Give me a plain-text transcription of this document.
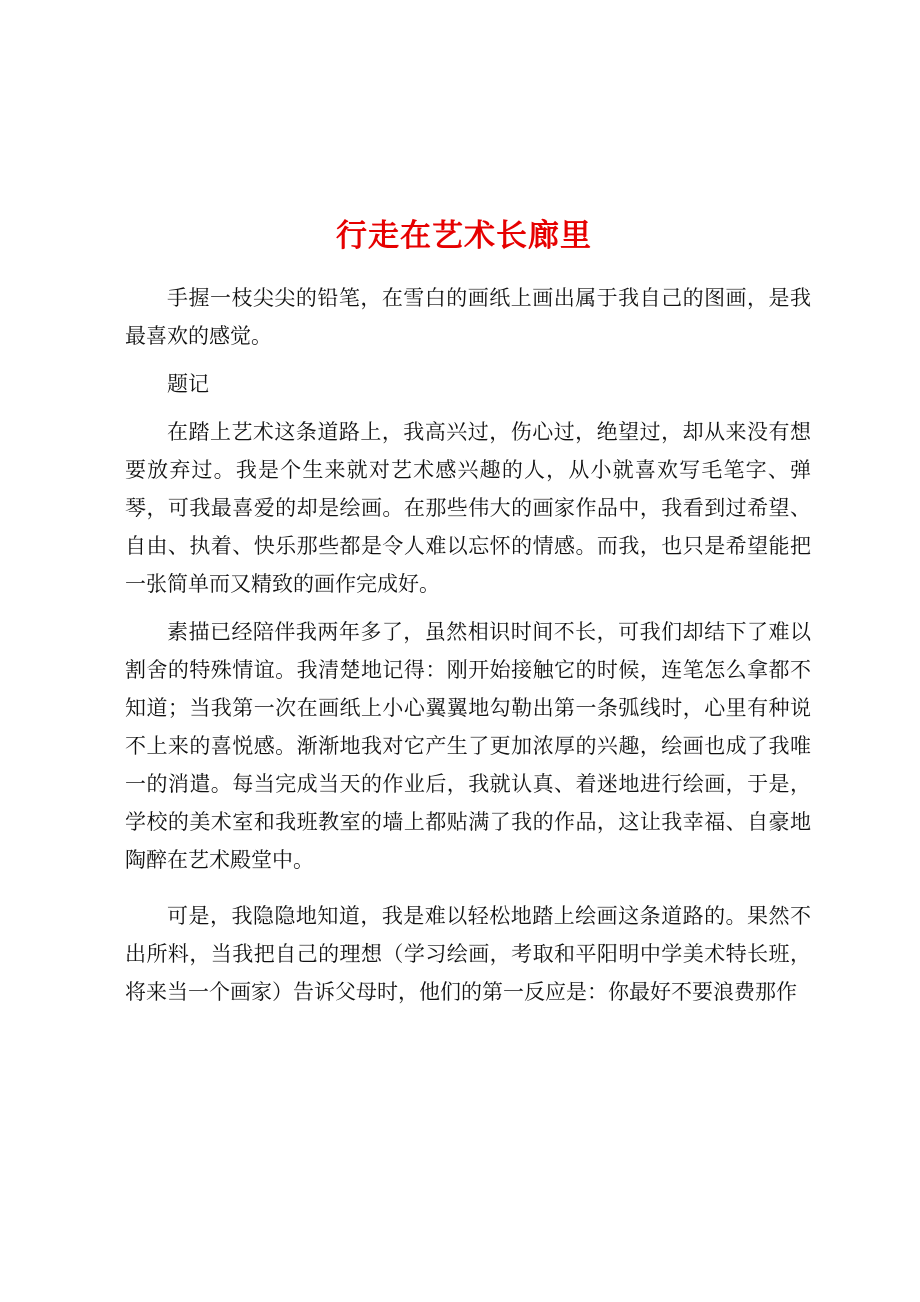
行走在艺术长廊里

手握一枝尖尖的铅笔，在雪白的画纸上画出属于我自己的图画，是我最喜欢的感觉。

题记

在踏上艺术这条道路上，我高兴过，伤心过，绝望过，却从来没有想要放弃过。我是个生来就对艺术感兴趣的人，从小就喜欢写毛笔字、弹琴，可我最喜爱的却是绘画。在那些伟大的画家作品中，我看到过希望、自由、执着、快乐那些都是令人难以忘怀的情感。而我，也只是希望能把一张简单而又精致的画作完成好。

素描已经陪伴我两年多了，虽然相识时间不长，可我们却结下了难以割舍的特殊情谊。我清楚地记得：刚开始接触它的时候，连笔怎么拿都不知道；当我第一次在画纸上小心翼翼地勾勒出第一条弧线时，心里有种说不上来的喜悦感。渐渐地我对它产生了更加浓厚的兴趣，绘画也成了我唯一的消遣。每当完成当天的作业后，我就认真、着迷地进行绘画，于是，学校的美术室和我班教室的墙上都贴满了我的作品，这让我幸福、自豪地陶醉在艺术殿堂中。

可是，我隐隐地知道，我是难以轻松地踏上绘画这条道路的。果然不出所料，当我把自己的理想（学习绘画，考取和平阳明中学美术特长班，将来当一个画家）告诉父母时，他们的第一反应是：你最好不要浪费那作
